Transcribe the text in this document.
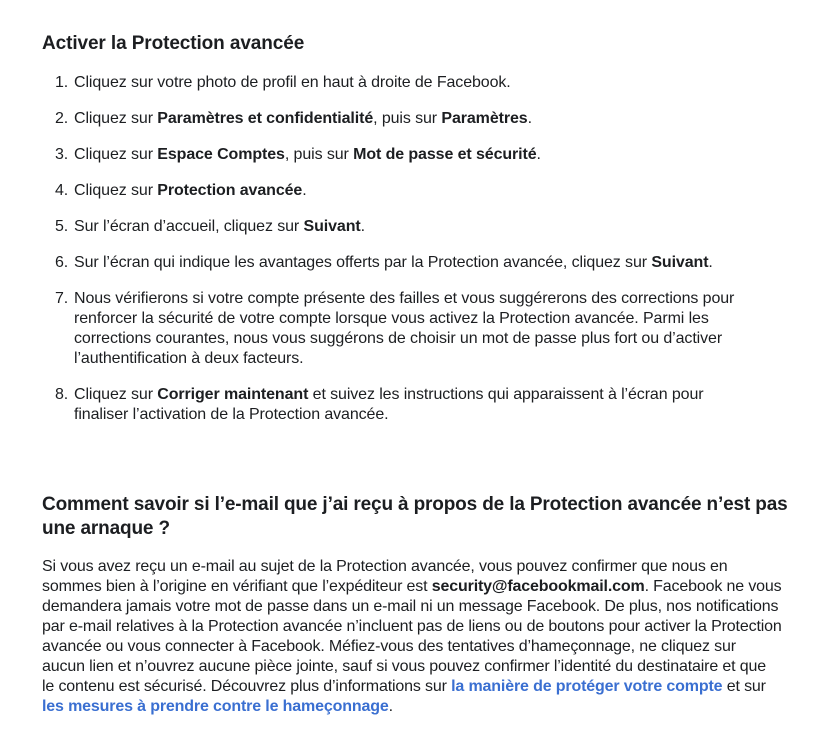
Activer la Protection avancée
1. Cliquez sur votre photo de profil en haut à droite de Facebook.
2. Cliquez sur Paramètres et confidentialité, puis sur Paramètres.
3. Cliquez sur Espace Comptes, puis sur Mot de passe et sécurité.
4. Cliquez sur Protection avancée.
5. Sur l’écran d’accueil, cliquez sur Suivant.
6. Sur l’écran qui indique les avantages offerts par la Protection avancée, cliquez sur Suivant.
7. Nous vérifierons si votre compte présente des failles et vous suggérerons des corrections pour renforcer la sécurité de votre compte lorsque vous activez la Protection avancée. Parmi les corrections courantes, nous vous suggérons de choisir un mot de passe plus fort ou d’activer l’authentification à deux facteurs.
8. Cliquez sur Corriger maintenant et suivez les instructions qui apparaissent à l’écran pour finaliser l’activation de la Protection avancée.
Comment savoir si l’e-mail que j’ai reçu à propos de la Protection avancée n’est pas une arnaque ?

Si vous avez reçu un e-mail au sujet de la Protection avancée, vous pouvez confirmer que nous en sommes bien à l’origine en vérifiant que l’expéditeur est security@facebookmail.com. Facebook ne vous demandera jamais votre mot de passe dans un e-mail ni un message Facebook. De plus, nos notifications par e-mail relatives à la Protection avancée n’incluent pas de liens ou de boutons pour activer la Protection avancée ou vous connecter à Facebook. Méfiez-vous des tentatives d’hameçonnage, ne cliquez sur aucun lien et n’ouvrez aucune pièce jointe, sauf si vous pouvez confirmer l’identité du destinataire et que le contenu est sécurisé. Découvrez plus d’informations sur la manière de protéger votre compte et sur les mesures à prendre contre le hameçonnage.
